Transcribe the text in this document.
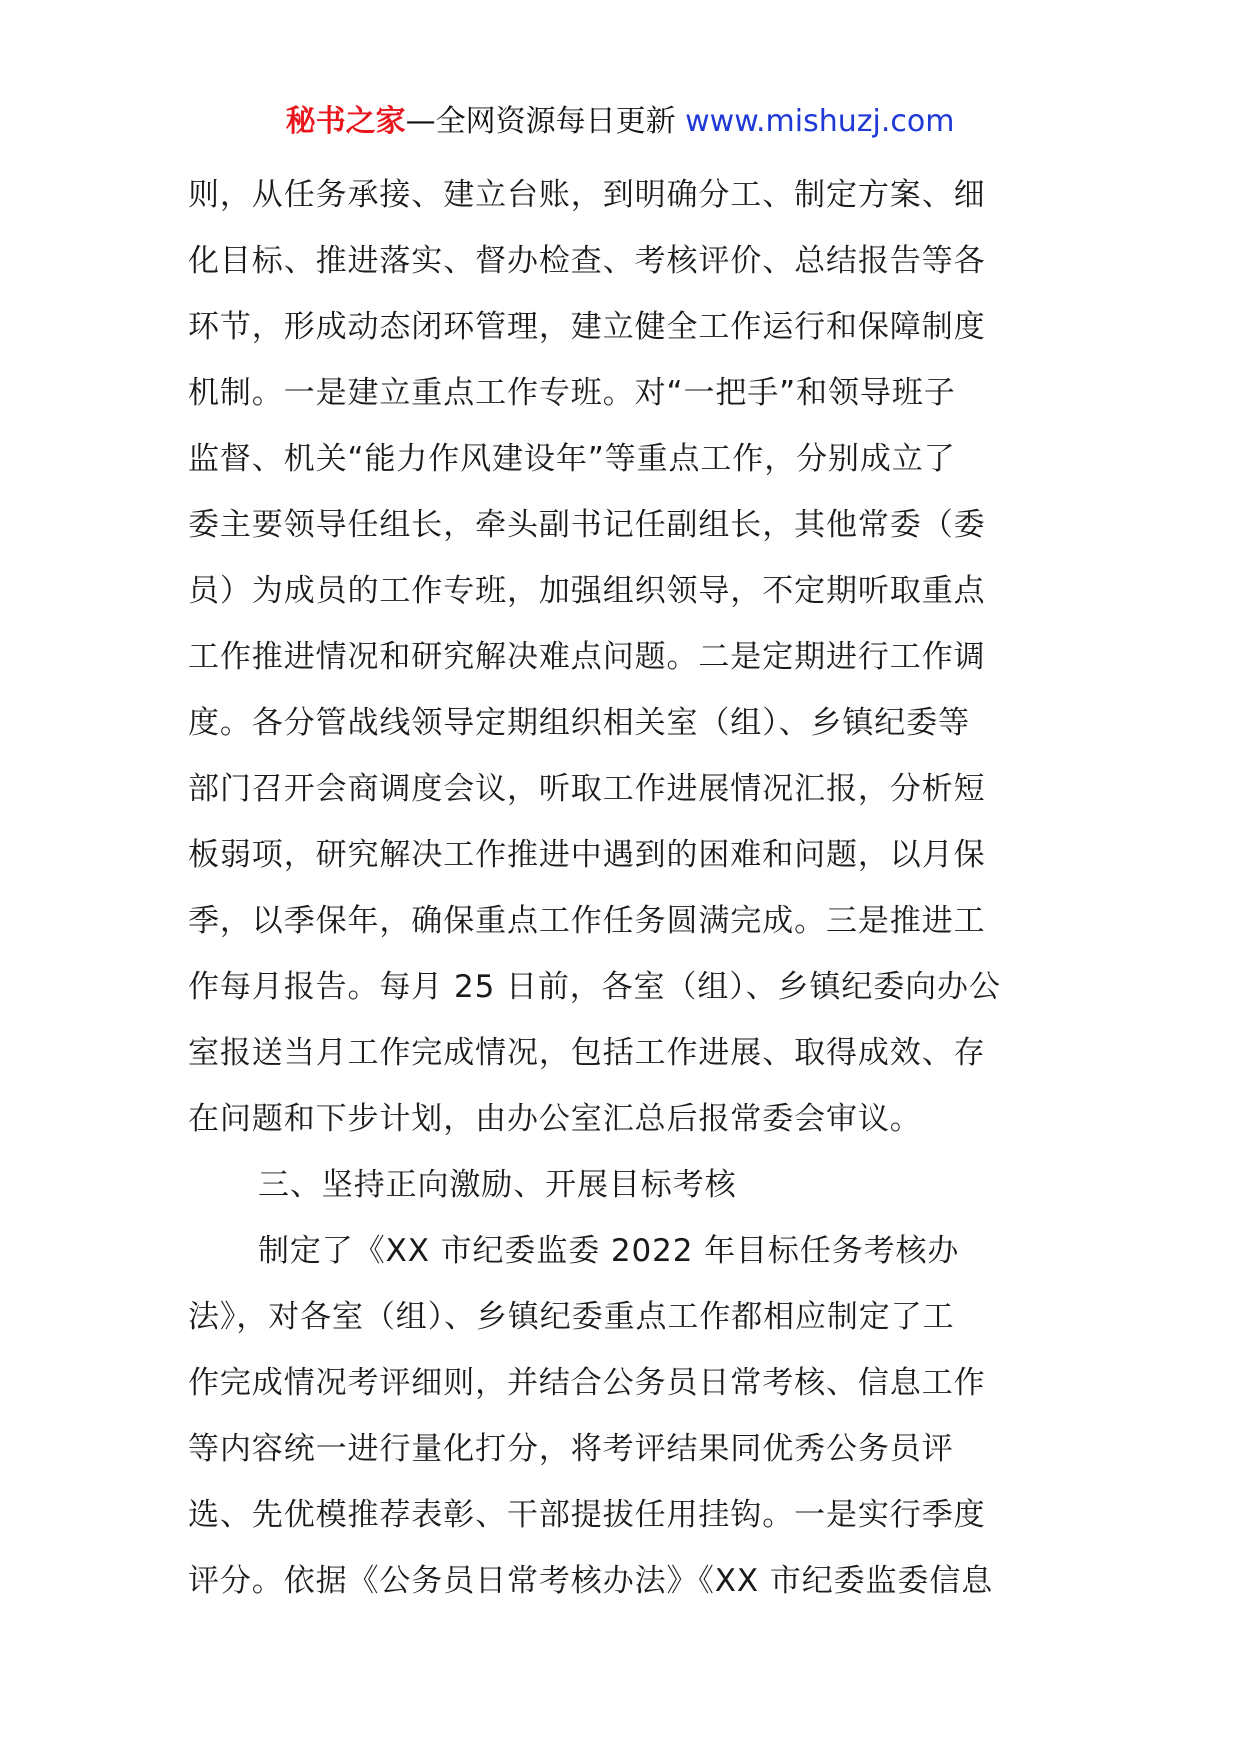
秘书之家—全网资源每日更新 www.mishuzj.com
则，从任务承接、建立台账，到明确分工、制定方案、细
化目标、推进落实、督办检查、考核评价、总结报告等各
环节，形成动态闭环管理，建立健全工作运行和保障制度
机制。一是建立重点工作专班。对“一把手”和领导班子
监督、机关“能力作风建设年”等重点工作，分别成立了
委主要领导任组长，牵头副书记任副组长，其他常委（委
员）为成员的工作专班，加强组织领导，不定期听取重点
工作推进情况和研究解决难点问题。二是定期进行工作调
度。各分管战线领导定期组织相关室（组）、乡镇纪委等
部门召开会商调度会议，听取工作进展情况汇报，分析短
板弱项，研究解决工作推进中遇到的困难和问题，以月保
季，以季保年，确保重点工作任务圆满完成。三是推进工
作每月报告。每月 25 日前，各室（组）、乡镇纪委向办公
室报送当月工作完成情况，包括工作进展、取得成效、存
在问题和下步计划，由办公室汇总后报常委会审议。
三、坚持正向激励、开展目标考核
制定了《XX 市纪委监委 2022 年目标任务考核办
法》，对各室（组）、乡镇纪委重点工作都相应制定了工
作完成情况考评细则，并结合公务员日常考核、信息工作
等内容统一进行量化打分，将考评结果同优秀公务员评
选、先优模推荐表彰、干部提拔任用挂钩。一是实行季度
评分。依据《公务员日常考核办法》《XX 市纪委监委信息
